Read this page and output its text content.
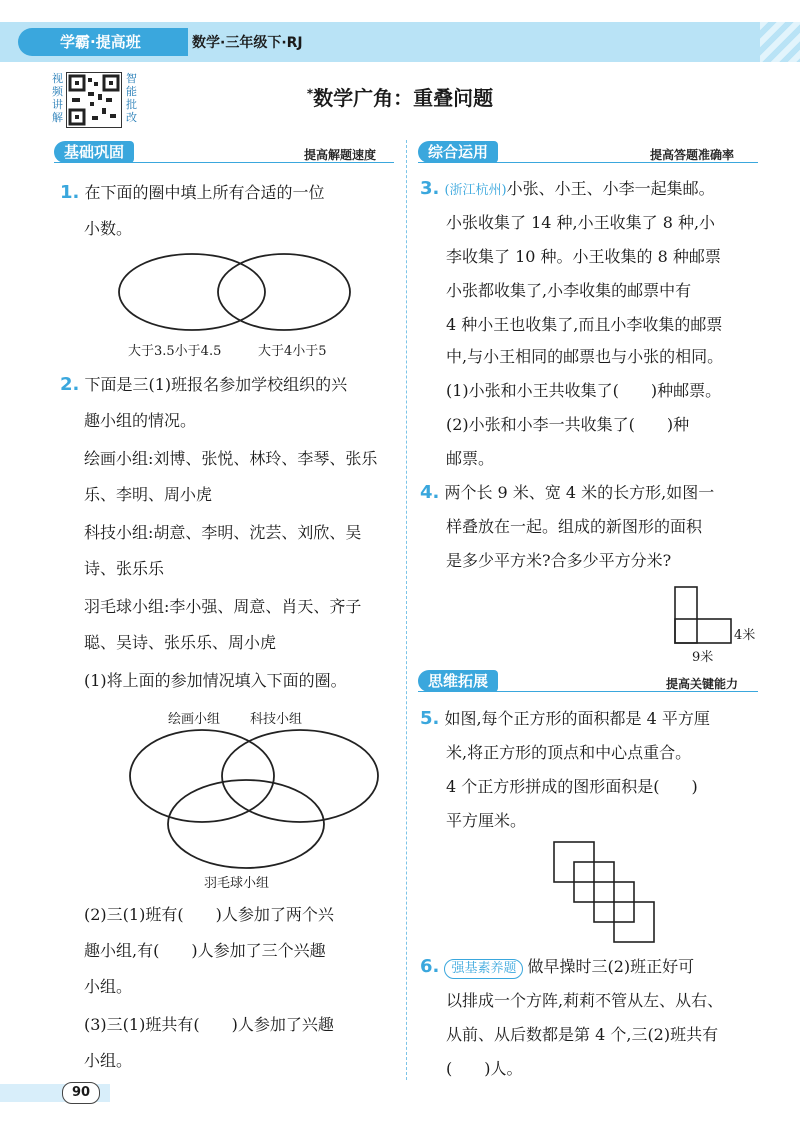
学霸·提高班	数学·三年级下·RJ
视频讲解
智能批改
*数学广角：重叠问题
基础巩固	提高解题速度	综合运用	提高答题准确率
1. 在下面的圈中填上所有合适的一位
小数。
大于3.5小于4.5	大于4小于5
2. 下面是三(1)班报名参加学校组织的兴
趣小组的情况。
绘画小组:刘博、张悦、林玲、李琴、张乐
乐、李明、周小虎
科技小组:胡意、李明、沈芸、刘欣、吴
诗、张乐乐
羽毛球小组:李小强、周意、肖天、齐子
聪、吴诗、张乐乐、周小虎
(1)将上面的参加情况填入下面的圈。
绘画小组 科技小组
羽毛球小组
(2)三(1)班有(　　)人参加了两个兴
趣小组,有(　　)人参加了三个兴趣
小组。
(3)三(1)班共有(　　)人参加了兴趣
小组。
3. (浙江杭州)小张、小王、小李一起集邮。
小张收集了 14 种,小王收集了 8 种,小
李收集了 10 种。小王收集的 8 种邮票
小张都收集了,小李收集的邮票中有
4 种小王也收集了,而且小李收集的邮票
中,与小王相同的邮票也与小张的相同。
(1)小张和小王共收集了(　　)种邮票。
(2)小张和小李一共收集了(　　)种
邮票。
4. 两个长 9 米、宽 4 米的长方形,如图一
样叠放在一起。组成的新图形的面积
是多少平方米?合多少平方分米?
4米
9米
思维拓展	提高关键能力
5. 如图,每个正方形的面积都是 4 平方厘
米,将正方形的顶点和中心点重合。
4 个正方形拼成的图形面积是(　　)
平方厘米。
6. 强基素养题 做早操时三(2)班正好可
以排成一个方阵,莉莉不管从左、从右、
从前、从后数都是第 4 个,三(2)班共有
(　　)人。
90
